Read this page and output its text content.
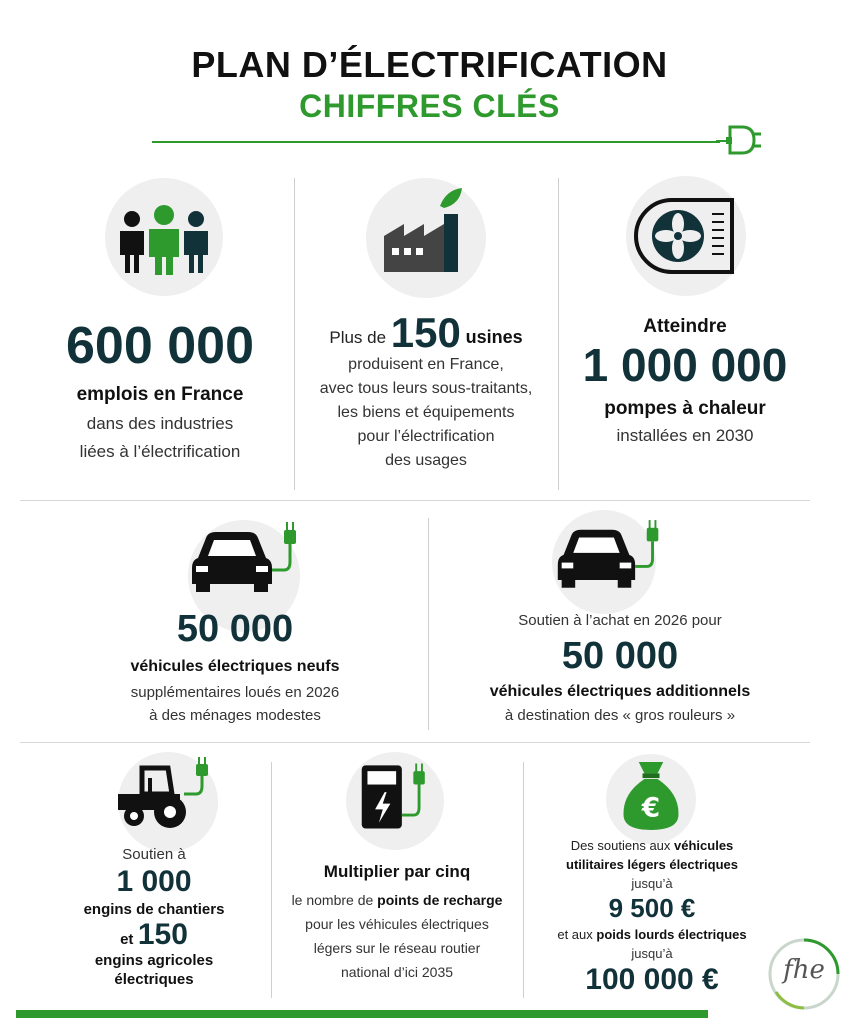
PLAN D’ÉLECTRIFICATION
CHIFFRES CLÉS
600 000
emplois en France
dans des industries
liées à l’électrification
Plus de 150 usines
produisent en France,
avec tous leurs sous-traitants,
les biens et équipements
pour l’électrification
des usages
Atteindre
1 000 000
pompes à chaleur
installées en 2030
50 000
véhicules électriques neufs
supplémentaires loués en 2026
à des ménages modestes
Soutien à l’achat en 2026 pour
50 000
véhicules électriques additionnels
à destination des « gros rouleurs »
Soutien à
1 000
engins de chantiers
et 150
engins agricoles
électriques
Multiplier par cinq
le nombre de points de recharge
pour les véhicules électriques
légers sur le réseau routier
national d’ici 2035
€
Des soutiens aux véhicules
utilitaires légers électriques
jusqu’à
9 500 €
et aux poids lourds électriques
jusqu’à
100 000 €	fhe
